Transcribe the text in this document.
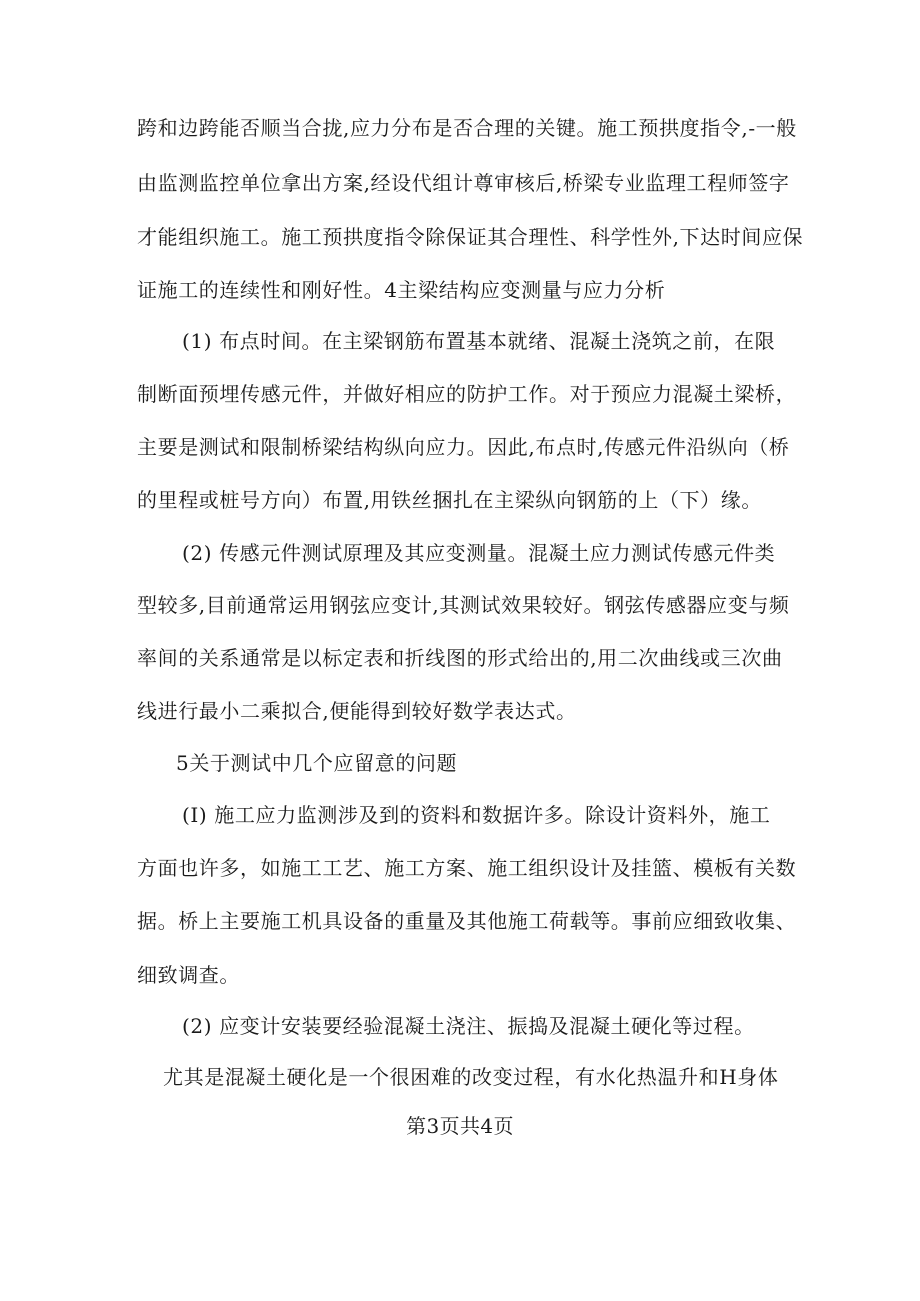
跨和边跨能否顺当合拢,应力分布是否合理的关键。施工预拱度指令,-一般
由监测监控单位拿出方案,经设代组计尊审核后,桥梁专业监理工程师签字
才能组织施工。施工预拱度指令除保证其合理性、科学性外,下达时间应保
证施工的连续性和刚好性。4主梁结构应变测量与应力分析
(1) 布点时间。在主梁钢筋布置基本就绪、混凝土浇筑之前，在限
制断面预埋传感元件，并做好相应的防护工作。对于预应力混凝土梁桥，
主要是测试和限制桥梁结构纵向应力。因此,布点时,传感元件沿纵向（桥
的里程或桩号方向）布置,用铁丝捆扎在主梁纵向钢筋的上（下）缘。
(2) 传感元件测试原理及其应变测量。混凝土应力测试传感元件类
型较多,目前通常运用钢弦应变计,其测试效果较好。钢弦传感器应变与频
率间的关系通常是以标定表和折线图的形式给出的,用二次曲线或三次曲
线进行最小二乘拟合,便能得到较好数学表达式。
5关于测试中几个应留意的问题
(I) 施工应力监测涉及到的资料和数据许多。除设计资料外，施工
方面也许多，如施工工艺、施工方案、施工组织设计及挂篮、模板有关数
据。桥上主要施工机具设备的重量及其他施工荷载等。事前应细致收集、
细致调查。
(2) 应变计安装要经验混凝土浇注、振捣及混凝土硬化等过程。
尤其是混凝土硬化是一个很困难的改变过程，有水化热温升和H身体
第3页共4页
